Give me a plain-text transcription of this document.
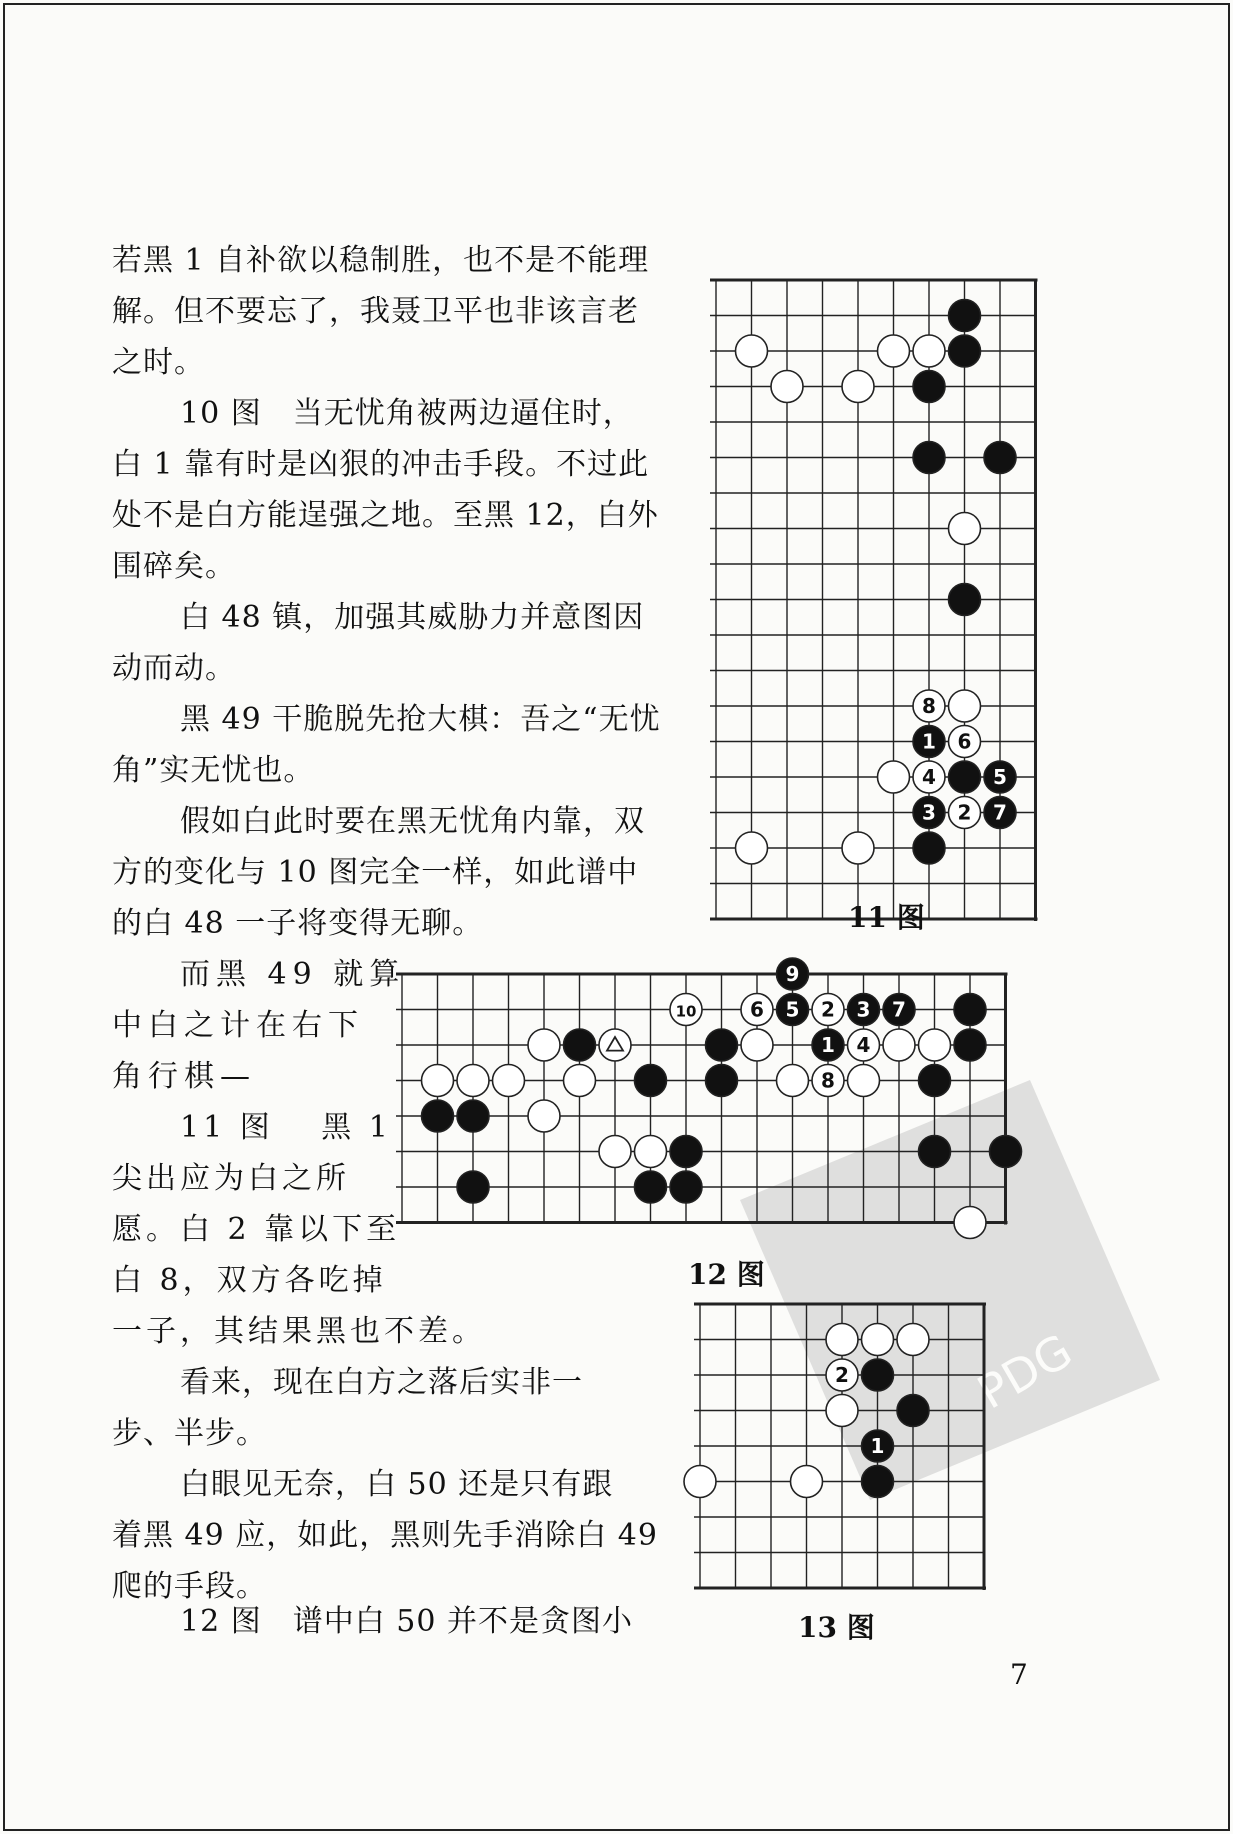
PDG
若黑 1 自补欲以稳制胜，也不是不能理
解。但不要忘了，我聂卫平也非该言老
之时。
10 图　当无忧角被两边逼住时，
白 1 靠有时是凶狠的冲击手段。不过此
处不是白方能逞强之地。至黑 12，白外
围碎矣。
白 48 镇，加强其威胁力并意图因
动而动。
黑 49 干脆脱先抢大棋：吾之“无忧
角”实无忧也。
假如白此时要在黑无忧角内靠，双
方的变化与 10 图完全一样，如此谱中
的白 48 一子将变得无聊。
而黑 49 就算
中白之计在右下
角行棋—
11 图　 黑 1
尖出应为白之所
愿。白 2 靠以下至
白 8，双方各吃掉
一子，其结果黑也不差。
看来，现在白方之落后实非一
步、半步。
白眼见无奈，白 50 还是只有跟
着黑 49 应，如此，黑则先手消除白 49
爬的手段。
12 图　谱中白 50 并不是贪图小
8
1 6
4	5
3 2 7
9
10	6 5 2 3 7
1 4
8
2
1
11 图
12 图
13 图
7
